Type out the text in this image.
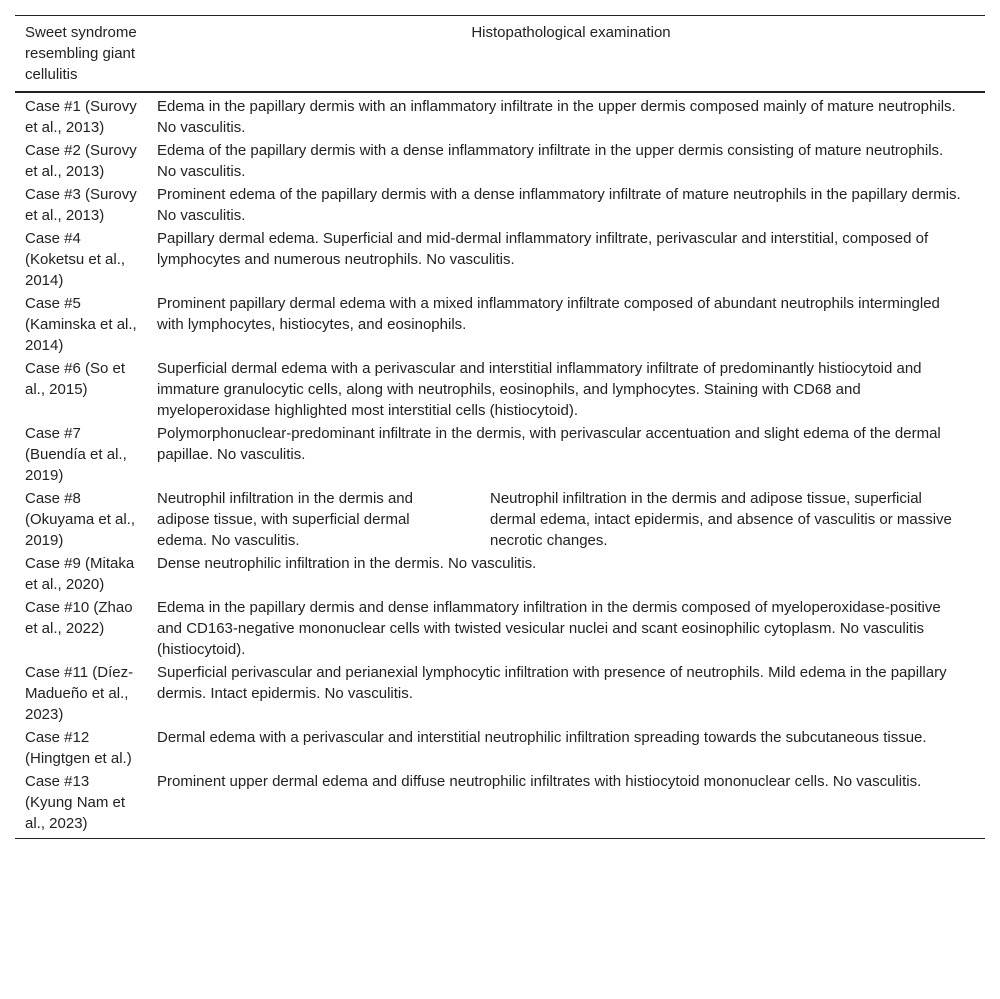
Sweet syndrome resembling giant cellulitis	Histopathological examination	
Case #1 (Surovy et al., 2013)	Edema in the papillary dermis with an inflammatory infiltrate in the upper dermis composed mainly of mature neutrophils. No vasculitis.	
Case #2 (Surovy et al., 2013)	Edema of the papillary dermis with a dense inflammatory infiltrate in the upper dermis consisting of mature neutrophils. No vasculitis.	
Case #3 (Surovy et al., 2013)	Prominent edema of the papillary dermis with a dense inflammatory infiltrate of mature neutrophils in the papillary dermis. No vasculitis.	
Case #4 (Koketsu et al., 2014)	Papillary dermal edema. Superficial and mid-dermal inflammatory infiltrate, perivascular and interstitial, composed of lymphocytes and numerous neutrophils. No vasculitis.	
Case #5 (Kaminska et al., 2014)	Prominent papillary dermal edema with a mixed inflammatory infiltrate composed of abundant neutrophils intermingled with lymphocytes, histiocytes, and eosinophils.	
Case #6 (So et al., 2015)	Superficial dermal edema with a perivascular and interstitial inflammatory infiltrate of predominantly histiocytoid and immature granulocytic cells, along with neutrophils, eosinophils, and lymphocytes. Staining with CD68 and myeloperoxidase highlighted most interstitial cells (histiocytoid).	
Case #7 (Buendía et al., 2019)	Polymorphonuclear-predominant infiltrate in the dermis, with perivascular accentuation and slight edema of the dermal papillae. No vasculitis.	
Case #8 (Okuyama et al., 2019)	Neutrophil infiltration in the dermis and adipose tissue, with superficial dermal edema. No vasculitis.	Neutrophil infiltration in the dermis and adipose tissue, superficial dermal edema, intact epidermis, and absence of vasculitis or massive necrotic changes.
Case #9 (Mitaka et al., 2020)	Dense neutrophilic infiltration in the dermis. No vasculitis.	
Case #10 (Zhao et al., 2022)	Edema in the papillary dermis and dense inflammatory infiltration in the dermis composed of myeloperoxidase-positive and CD163-negative mononuclear cells with twisted vesicular nuclei and scant eosinophilic cytoplasm. No vasculitis (histiocytoid).	
Case #11 (Díez-Madueño et al., 2023)	Superficial perivascular and perianexial lymphocytic infiltration with presence of neutrophils. Mild edema in the papillary dermis. Intact epidermis. No vasculitis.	
Case #12 (Hingtgen et al.)	Dermal edema with a perivascular and interstitial neutrophilic infiltration spreading towards the subcutaneous tissue.	
Case #13 (Kyung Nam et al., 2023)	Prominent upper dermal edema and diffuse neutrophilic infiltrates with histiocytoid mononuclear cells. No vasculitis.	
